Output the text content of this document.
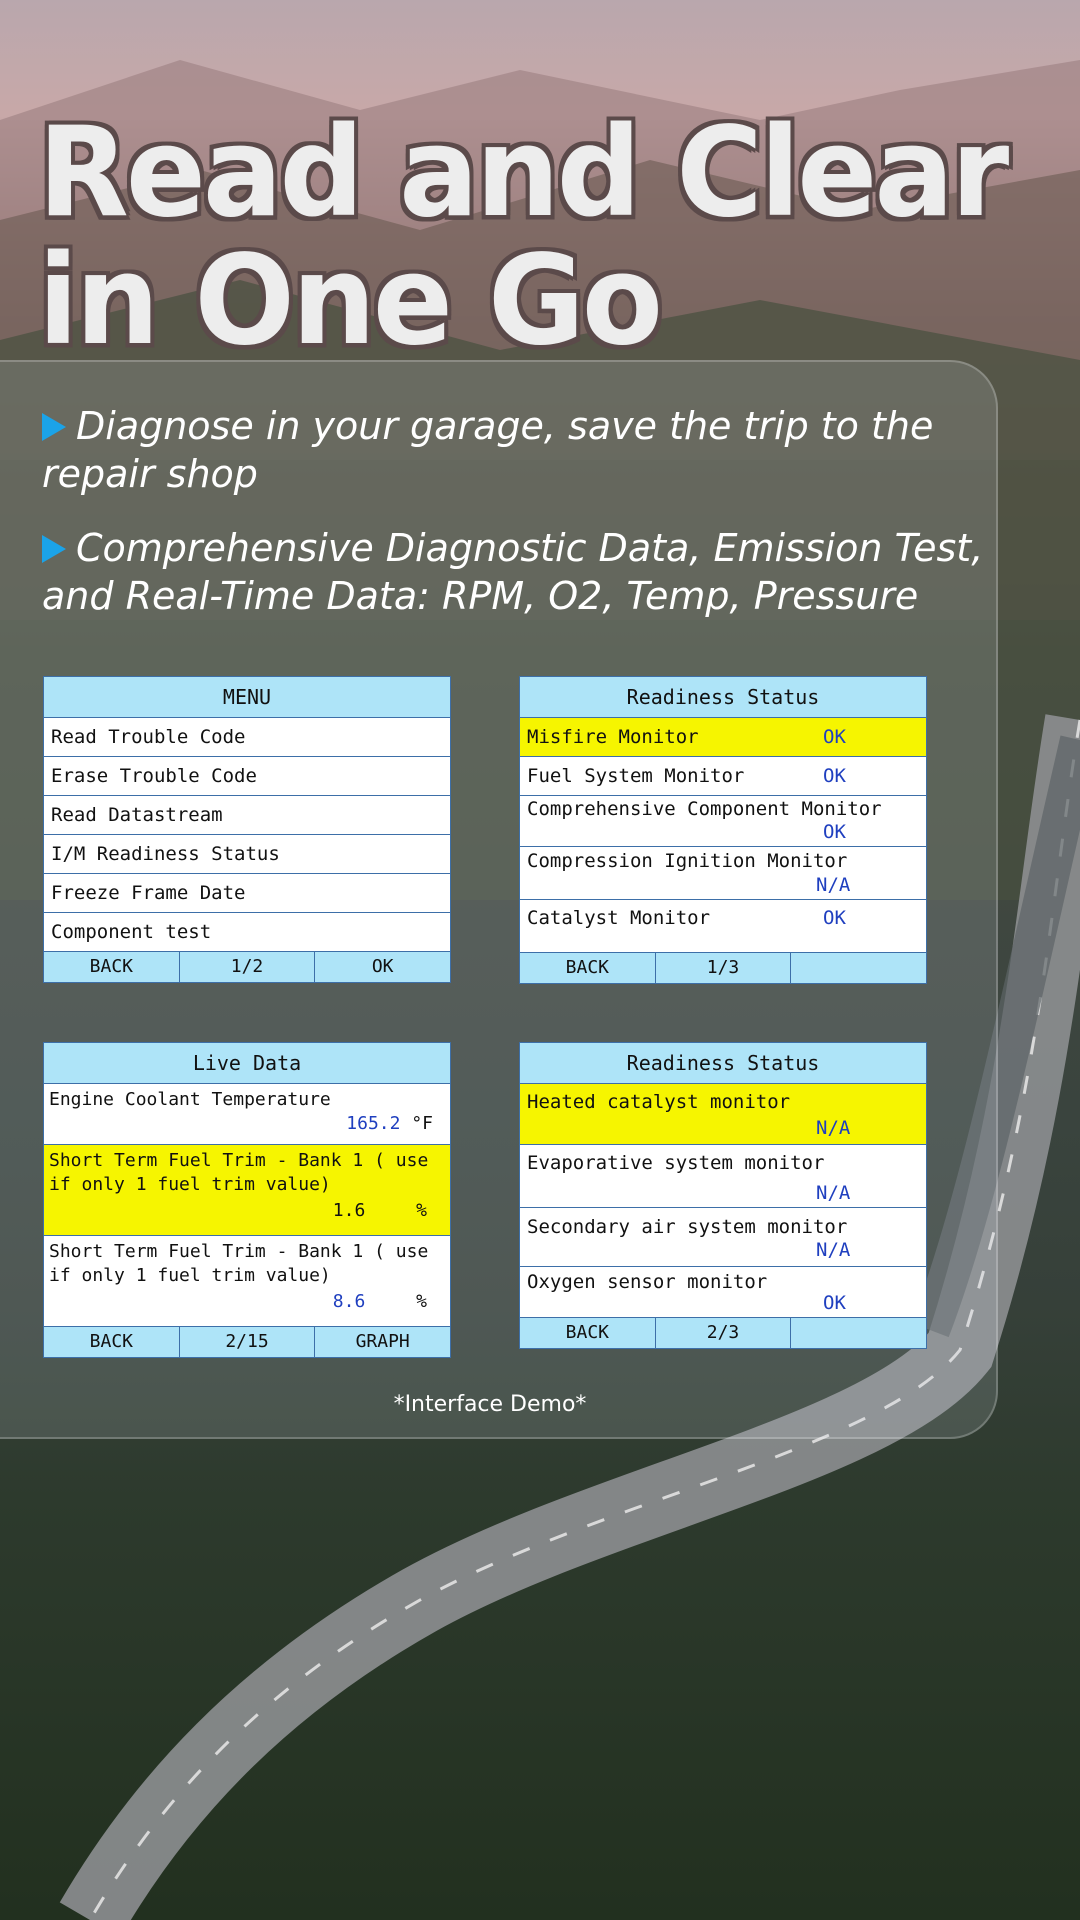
Read and Clear
in One Go
Diagnose in your garage, save the trip to the repair shop
Comprehensive Diagnostic Data, Emission Test, and Real-Time Data: RPM, O2, Temp, Pressure
MENU
Read Trouble Code
Erase Trouble Code
Read Datastream
I/M Readiness Status
Freeze Frame Date
Component test
BACK	1/2	OK
Readiness Status
Misfire Monitor	OK
Fuel System Monitor	OK
Comprehensive Component Monitor
OK
Compression Ignition Monitor
N/A
Catalyst Monitor	OK
BACK	1/3
Live Data
Engine Coolant Temperature
165.2 °F
Short Term Fuel Trim - Bank 1 ( use if only 1 fuel trim value)
1.6	%
Short Term Fuel Trim - Bank 1 ( use if only 1 fuel trim value)
8.6	%
BACK	2/15	GRAPH
Readiness Status
Heated catalyst monitor
N/A
Evaporative system monitor
N/A
Secondary air system monitor
N/A
Oxygen sensor monitor
OK
BACK	2/3
*Interface Demo*
